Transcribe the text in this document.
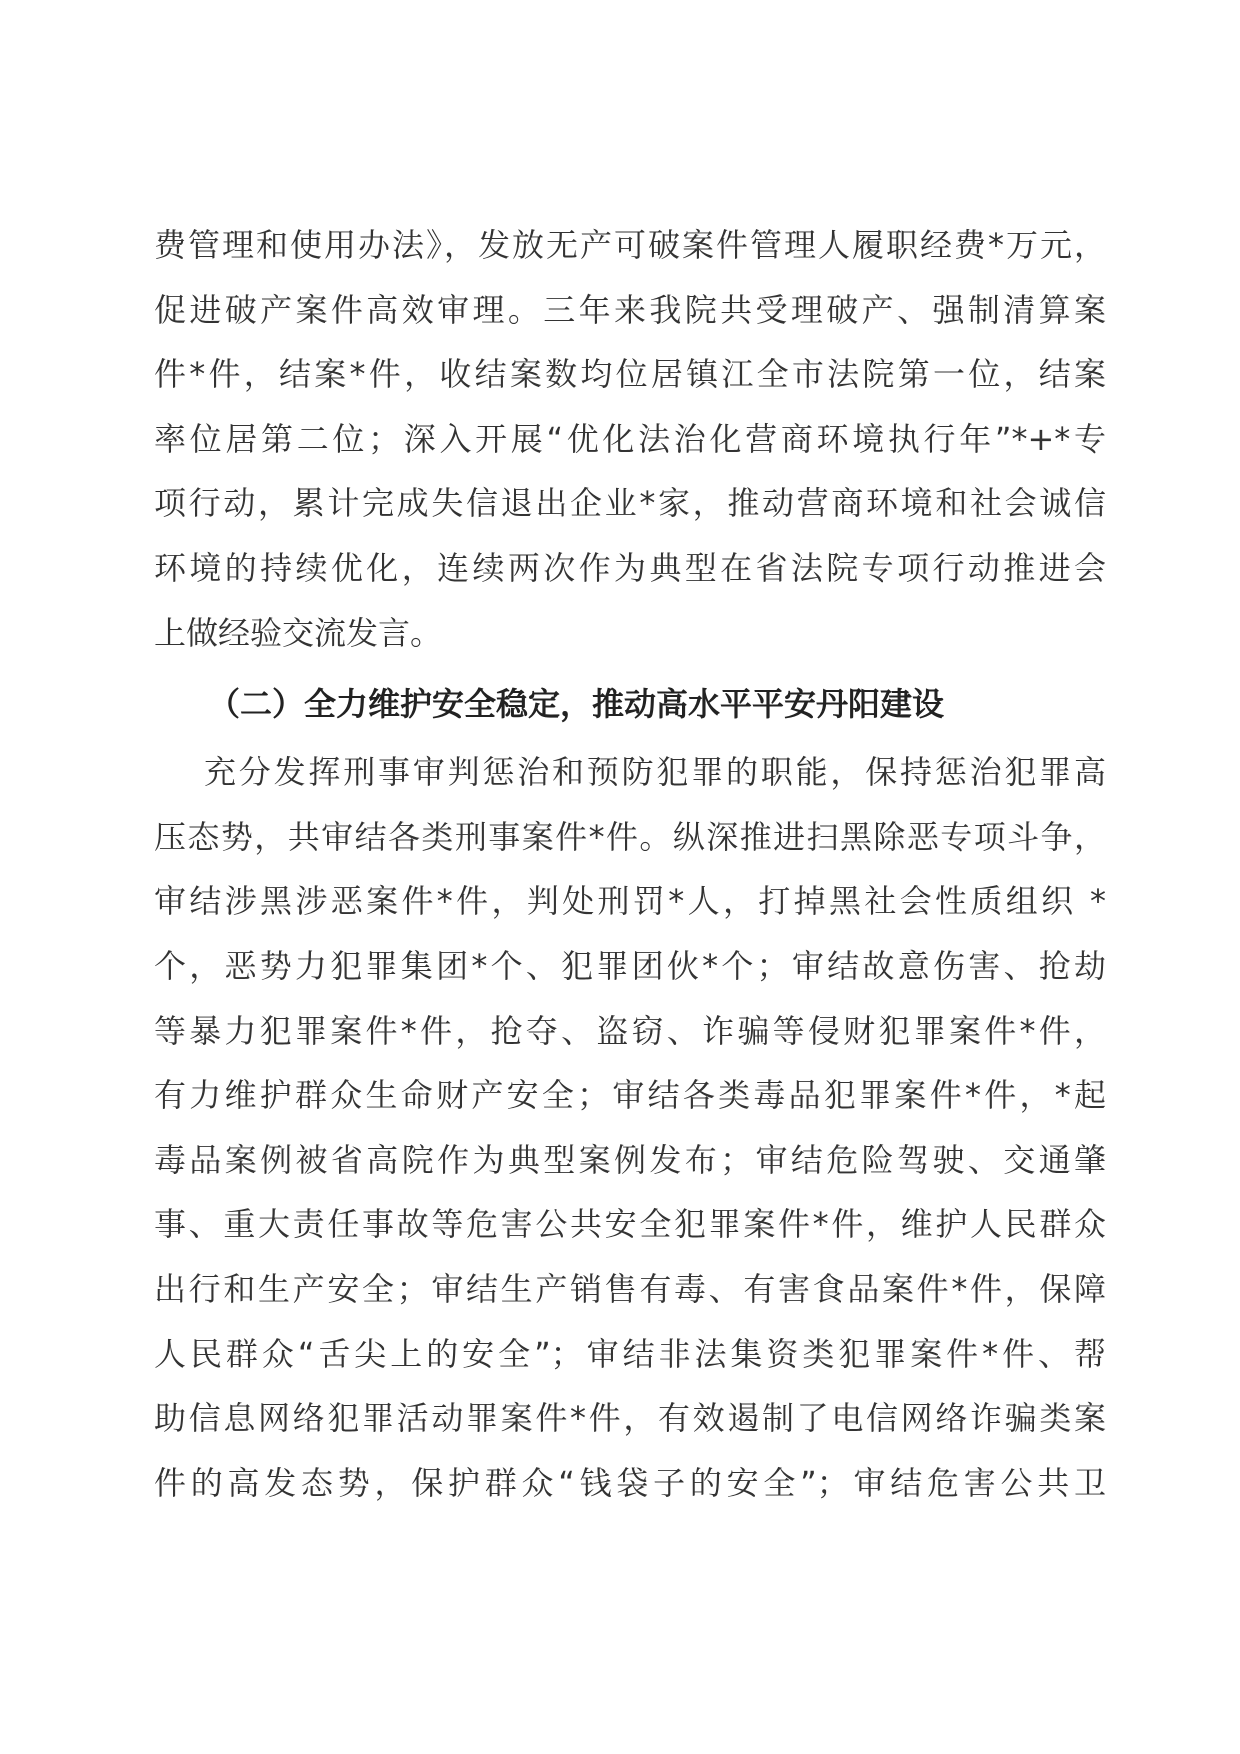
费管理和使用办法》，发放无产可破案件管理人履职经费*万元，
促进破产案件高效审理。三年来我院共受理破产、强制清算案
件*件，结案*件，收结案数均位居镇江全市法院第一位，结案
率位居第二位；深入开展“优化法治化营商环境执行年”*+*专
项行动，累计完成失信退出企业*家，推动营商环境和社会诚信
环境的持续优化，连续两次作为典型在省法院专项行动推进会
上做经验交流发言。
（二）全力维护安全稳定，推动高水平平安丹阳建设
充分发挥刑事审判惩治和预防犯罪的职能，保持惩治犯罪高
压态势，共审结各类刑事案件*件。纵深推进扫黑除恶专项斗争，
审结涉黑涉恶案件*件，判处刑罚*人，打掉黑社会性质组织 *
个，恶势力犯罪集团*个、犯罪团伙*个；审结故意伤害、抢劫
等暴力犯罪案件*件，抢夺、盗窃、诈骗等侵财犯罪案件*件，
有力维护群众生命财产安全；审结各类毒品犯罪案件*件，*起
毒品案例被省高院作为典型案例发布；审结危险驾驶、交通肇
事、重大责任事故等危害公共安全犯罪案件*件，维护人民群众
出行和生产安全；审结生产销售有毒、有害食品案件*件，保障
人民群众“舌尖上的安全”；审结非法集资类犯罪案件*件、帮
助信息网络犯罪活动罪案件*件，有效遏制了电信网络诈骗类案
件的高发态势，保护群众“钱袋子的安全”；审结危害公共卫
